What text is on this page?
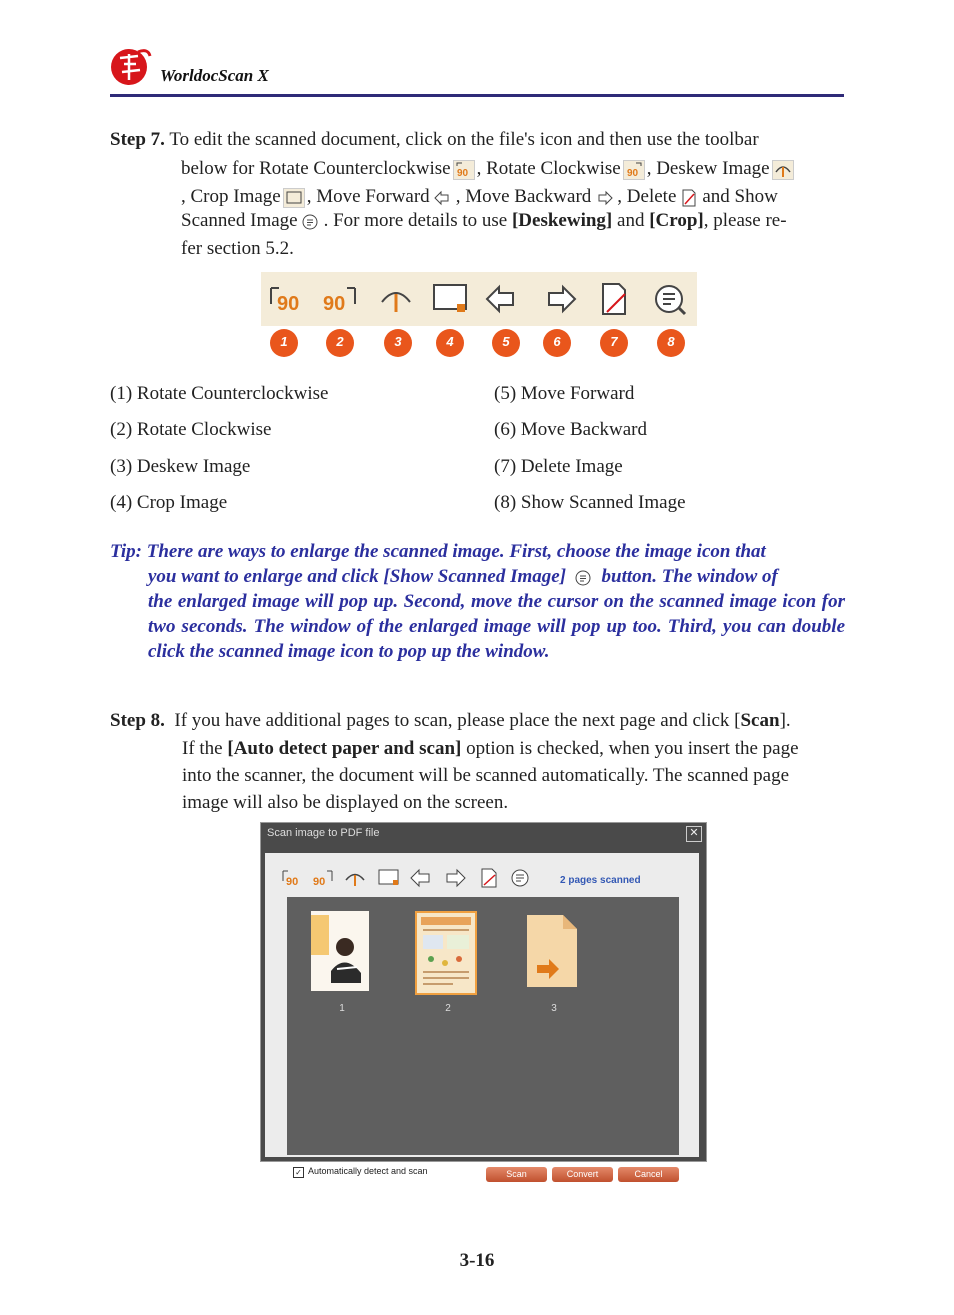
WorldocScan X
Step 7. To edit the scanned document, click on the file's icon and then use the toolbar
below for Rotate Counterclockwise 90 , Rotate Clockwise 90 , Deskew Image
, Crop Image , Move Forward , Move Backward , Delete and Show
Scanned Image . For more details to use [Deskewing] and [Crop], please re-
fer section 5.2.
90 90
1	2	3	4	5	6	7	8
(1) Rotate Counterclockwise
(2) Rotate Clockwise
(3) Deskew Image
(4) Crop Image
(5) Move Forward
(6) Move Backward
(7) Delete Image
(8) Show Scanned Image
Tip: There are ways to enlarge the scanned image. First, choose the image icon that
you want to enlarge and click [Show Scanned Image] button. The window of
the enlarged image will pop up. Second, move the cursor on the scanned image icon for two seconds. The window of the enlarged image will pop up too. Third, you can double click the scanned image icon to pop up the window.
Step 8. If you have additional pages to scan, please place the next page and click [Scan].
If the [Auto detect paper and scan] option is checked, when you insert the page
into the scanner, the document will be scanned automatically. The scanned page
image will also be displayed on the screen.
Scan image to PDF file	✕
90 90	2 pages scanned
1	2	3
✓ Automatically detect and scan	Scan	Convert	Cancel
3-16
